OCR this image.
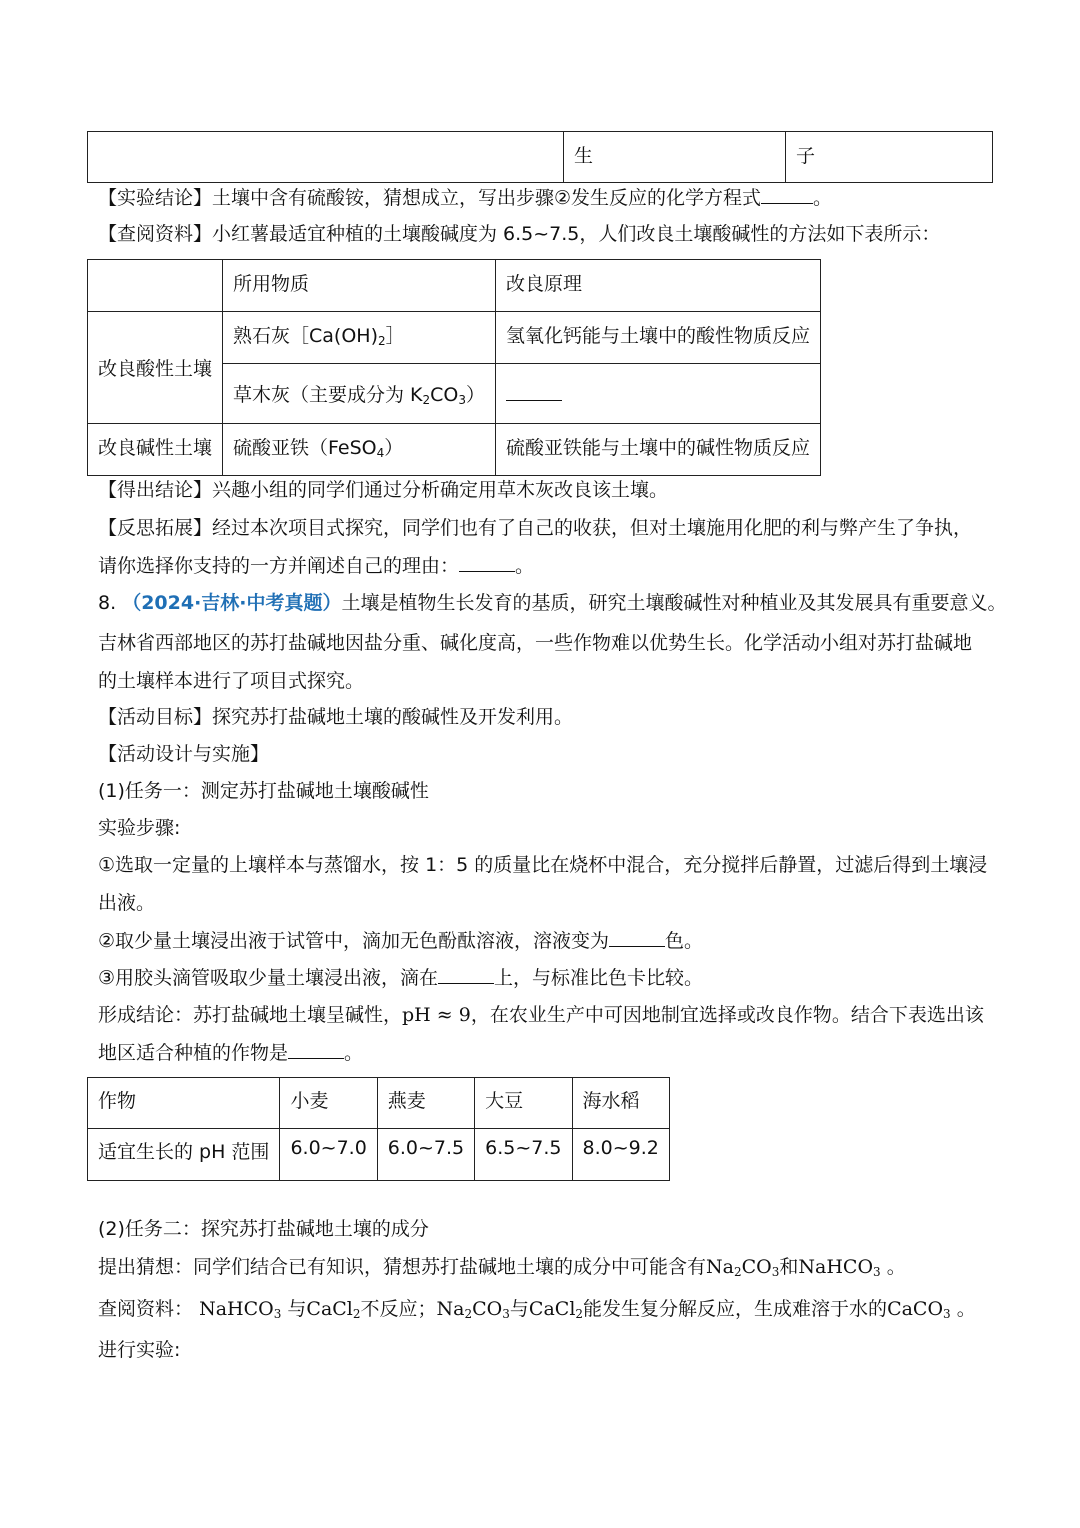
	生	子
【实验结论】土壤中含有硫酸铵，猜想成立，写出步骤②发生反应的化学方程式	。
【查阅资料】小红薯最适宜种植的土壤酸碱度为 6.5~7.5，人们改良土壤酸碱性的方法如下表所示：
	所用物质	改良原理
改良酸性土壤	熟石灰$[Ca(OH)_2]$	氢氧化钙能与土壤中的酸性物质反应
	草木灰（主要成分为 $K_2CO_3$）	
改良碱性土壤	硫酸亚铁（FeSO$_4$）	硫酸亚铁能与土壤中的碱性物质反应
【得出结论】兴趣小组的同学们通过分析确定用草木灰改良该土壤。
【反思拓展】经过本次项目式探究，同学们也有了自己的收获，但对土壤施用化肥的利与弊产生了争执，
请你选择你支持的一方并阐述自己的理由：	。
8. （2024·吉林·中考真题）土壤是植物生长发育的基质，研究土壤酸碱性对种植业及其发展具有重要意义。
吉林省西部地区的苏打盐碱地因盐分重、碱化度高，一些作物难以优势生长。化学活动小组对苏打盐碱地
的土壤样本进行了项目式探究。
【活动目标】探究苏打盐碱地土壤的酸碱性及开发利用。
【活动设计与实施】
(1)任务一：测定苏打盐碱地土壤酸碱性
实验步骤:
①选取一定量的上壤样本与蒸馏水，按 1：5 的质量比在烧杯中混合，充分搅拌后静置，过滤后得到土壤浸
出液。
②取少量土壤浸出液于试管中，滴加无色酚酞溶液，溶液变为	色。
③用胶头滴管吸取少量土壤浸出液，滴在	上，与标准比色卡比较。
形成结论：苏打盐碱地土壤呈碱性，pH ≈ 9，在农业生产中可因地制宜选择或改良作物。结合下表选出该
地区适合种植的作物是	。
作物	小麦	燕麦	大豆	海水稻
适宜生长的 pH 范围	6.0~7.0	6.0~7.5	6.5~7.5	8.0~9.2
(2)任务二：探究苏打盐碱地土壤的成分
提出猜想：同学们结合已有知识，猜想苏打盐碱地土壤的成分中可能含有$Na_2CO_3$和NaHCO$_3$ 。
查阅资料： NaHCO$_3$ 与CaCl$_2$不反应；$Na_2CO_3$与CaCl$_2$能发生复分解反应，生成难溶于水的CaCO$_3$ 。
进行实验:
